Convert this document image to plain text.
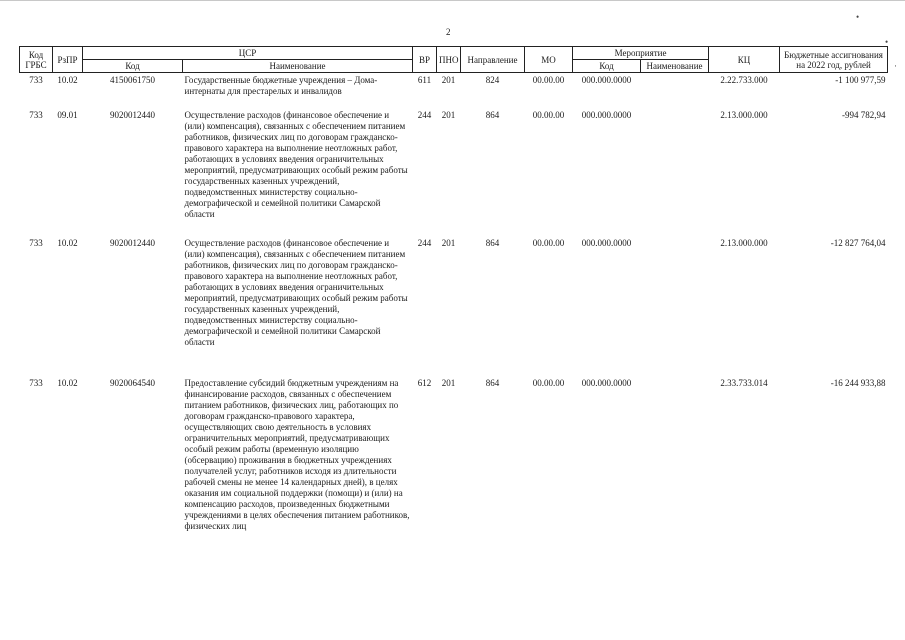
2
Код ГРБС	РзПР	ЦСР		ВР	ПНО	Направление	МО	Мероприятие		КЦ	Бюджетные ассигнования на 2022 год, рублей
		Код	Наименование					Код	Наименование		
733	10.02	4150061750	Государственные бюджетные учреждения – Дома-интернаты для престарелых и инвалидов	611	201	824	00.00.00	000.000.0000		2.22.733.000	-1 100 977,59
733	09.01	9020012440	Осуществление расходов (финансовое обеспечение и (или) компенсация), связанных с обеспечением питанием работников, физических лиц по договорам гражданско-правового характера на выполнение неотложных работ, работающих в условиях введения ограничительных мероприятий, предусматривающих особый режим работы государственных казенных учреждений, подведомственных министерству социально-демографической и семейной политики Самарской области	244	201	864	00.00.00	000.000.0000		2.13.000.000	-994 782,94
733	10.02	9020012440	Осуществление расходов (финансовое обеспечение и (или) компенсация), связанных с обеспечением питанием работников, физических лиц по договорам гражданско-правового характера на выполнение неотложных работ, работающих в условиях введения ограничительных мероприятий, предусматривающих особый режим работы государственных казенных учреждений, подведомственных министерству социально-демографической и семейной политики Самарской области	244	201	864	00.00.00	000.000.0000		2.13.000.000	-12 827 764,04
733	10.02	9020064540	Предоставление субсидий бюджетным учреждениям на финансирование расходов, связанных с обеспечением питанием работников, физических лиц, работающих по договорам гражданско-правового характера, осуществляющих свою деятельность в условиях ограничительных мероприятий, предусматривающих особый режим работы (временную изоляцию (обсервацию) проживания в бюджетных учреждениях получателей услуг, работников исходя из длительности рабочей смены не менее 14 календарных дней), в целях оказания им социальной поддержки (помощи) и (или) на компенсацию расходов, произведенных бюджетными учреждениями в целях обеспечения питанием работников, физических лиц	612	201	864	00.00.00	000.000.0000		2.33.733.014	-16 244 933,88
•
•
·
